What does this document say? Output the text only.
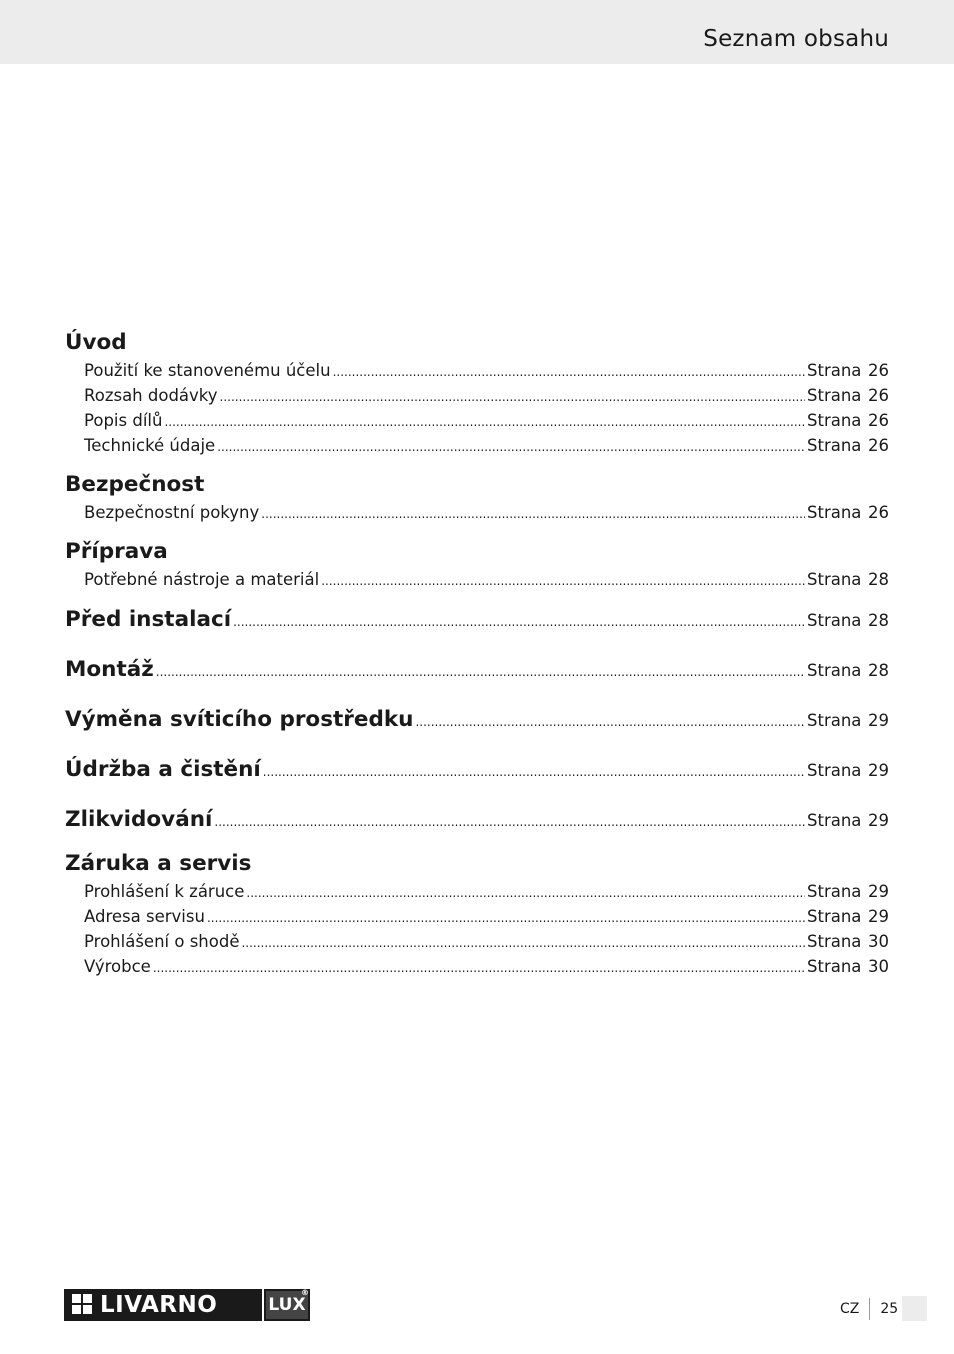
Seznam obsahu
Úvod
Použití ke stanovenému účelu .....	Strana 26
Rozsah dodávky .....	Strana 26
Popis dílů .....	Strana 26
Technické údaje .....	Strana 26
Bezpečnost
Bezpečnostní pokyny .....	Strana 26
Příprava
Potřebné nástroje a materiál .....	Strana 28
Před instalací .....	Strana 28
Montáž .....	Strana 28
Výměna svíticího prostředku .....	Strana 29
Údržba a čistění .....	Strana 29
Zlikvidování .....	Strana 29
Záruka a servis
Prohlášení k záruce .....	Strana 29
Adresa servisu .....	Strana 29
Prohlášení o shodě .....	Strana 30
Výrobce .....	Strana 30
LIVARNO	LUX
®
CZ 25
